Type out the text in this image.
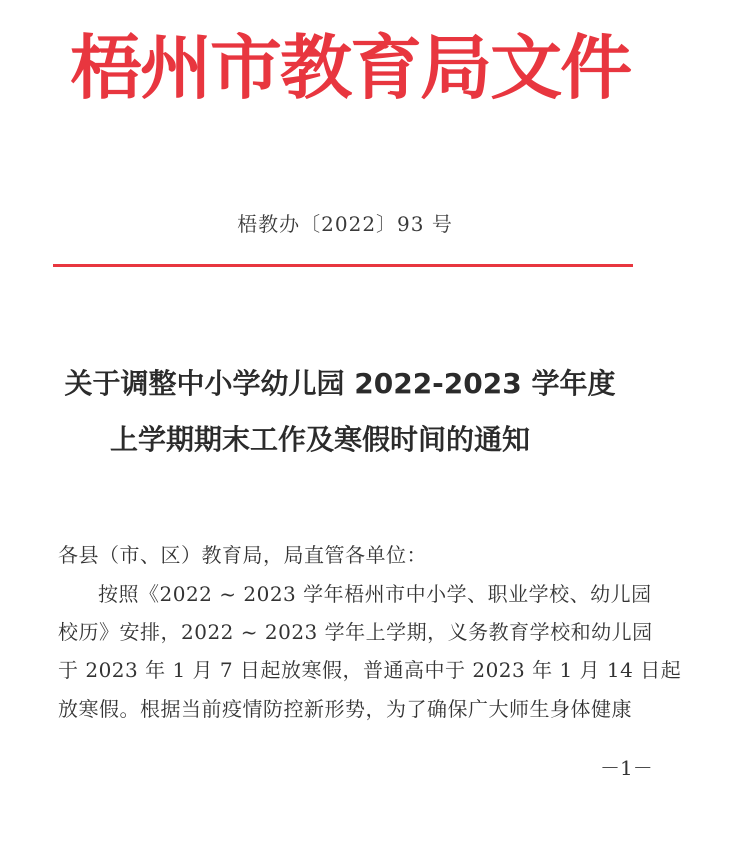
梧州市教育局文件
梧教办〔2022〕93 号
关于调整中小学幼儿园 2022-2023 学年度
上学期期末工作及寒假时间的通知
各县（市、区）教育局，局直管各单位：
按照《2022 ~ 2023 学年梧州市中小学、职业学校、幼儿园
校历》安排，2022 ~ 2023 学年上学期，义务教育学校和幼儿园
于 2023 年 1 月 7 日起放寒假，普通高中于 2023 年 1 月 14 日起
放寒假。根据当前疫情防控新形势，为了确保广大师生身体健康
－1－
